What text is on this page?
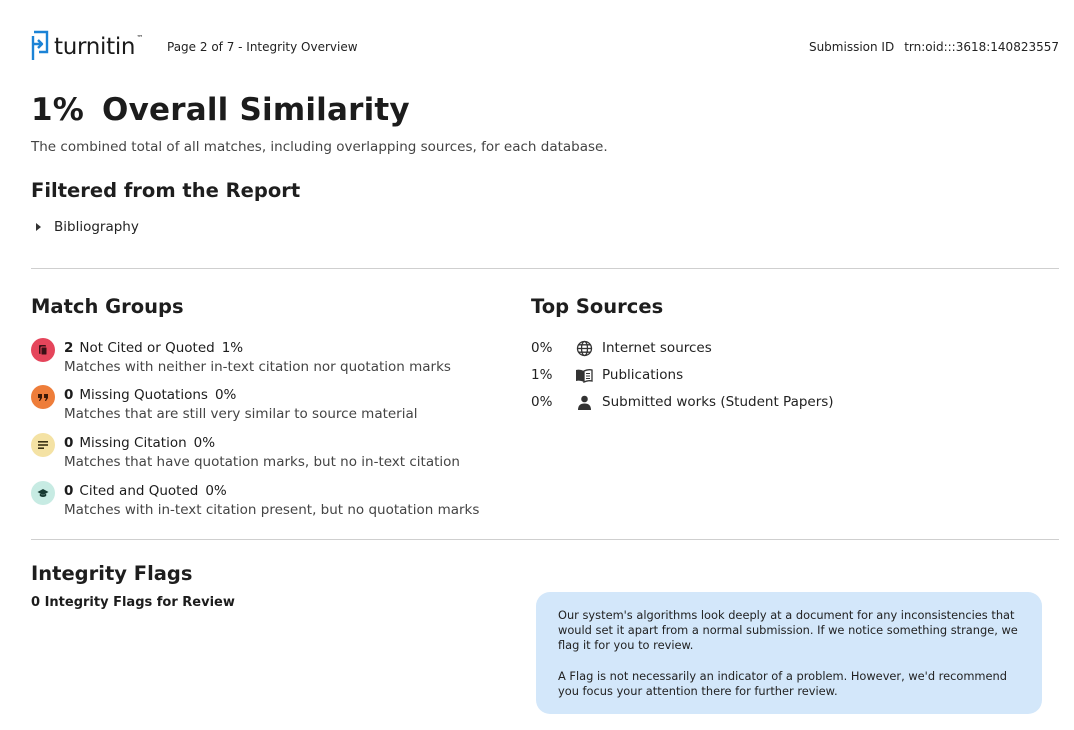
turnitin™
Page 2 of 7 - Integrity Overview	Submission ID trn:oid:::3618:140823557
1% Overall Similarity
The combined total of all matches, including overlapping sources, for each database.
Filtered from the Report
Bibliography
Match Groups
2 Not Cited or Quoted 1%
Matches with neither in-text citation nor quotation marks
0 Missing Quotations 0%
Matches that are still very similar to source material
0 Missing Citation 0%
Matches that have quotation marks, but no in-text citation
0 Cited and Quoted 0%
Matches with in-text citation present, but no quotation marks
Top Sources
0%	Internet sources
1%	Publications
0%	Submitted works (Student Papers)
Integrity Flags
0 Integrity Flags for Review

Our system's algorithms look deeply at a document for any inconsistencies that would set it apart from a normal submission. If we notice something strange, we flag it for you to review.

A Flag is not necessarily an indicator of a problem. However, we'd recommend you focus your attention there for further review.
